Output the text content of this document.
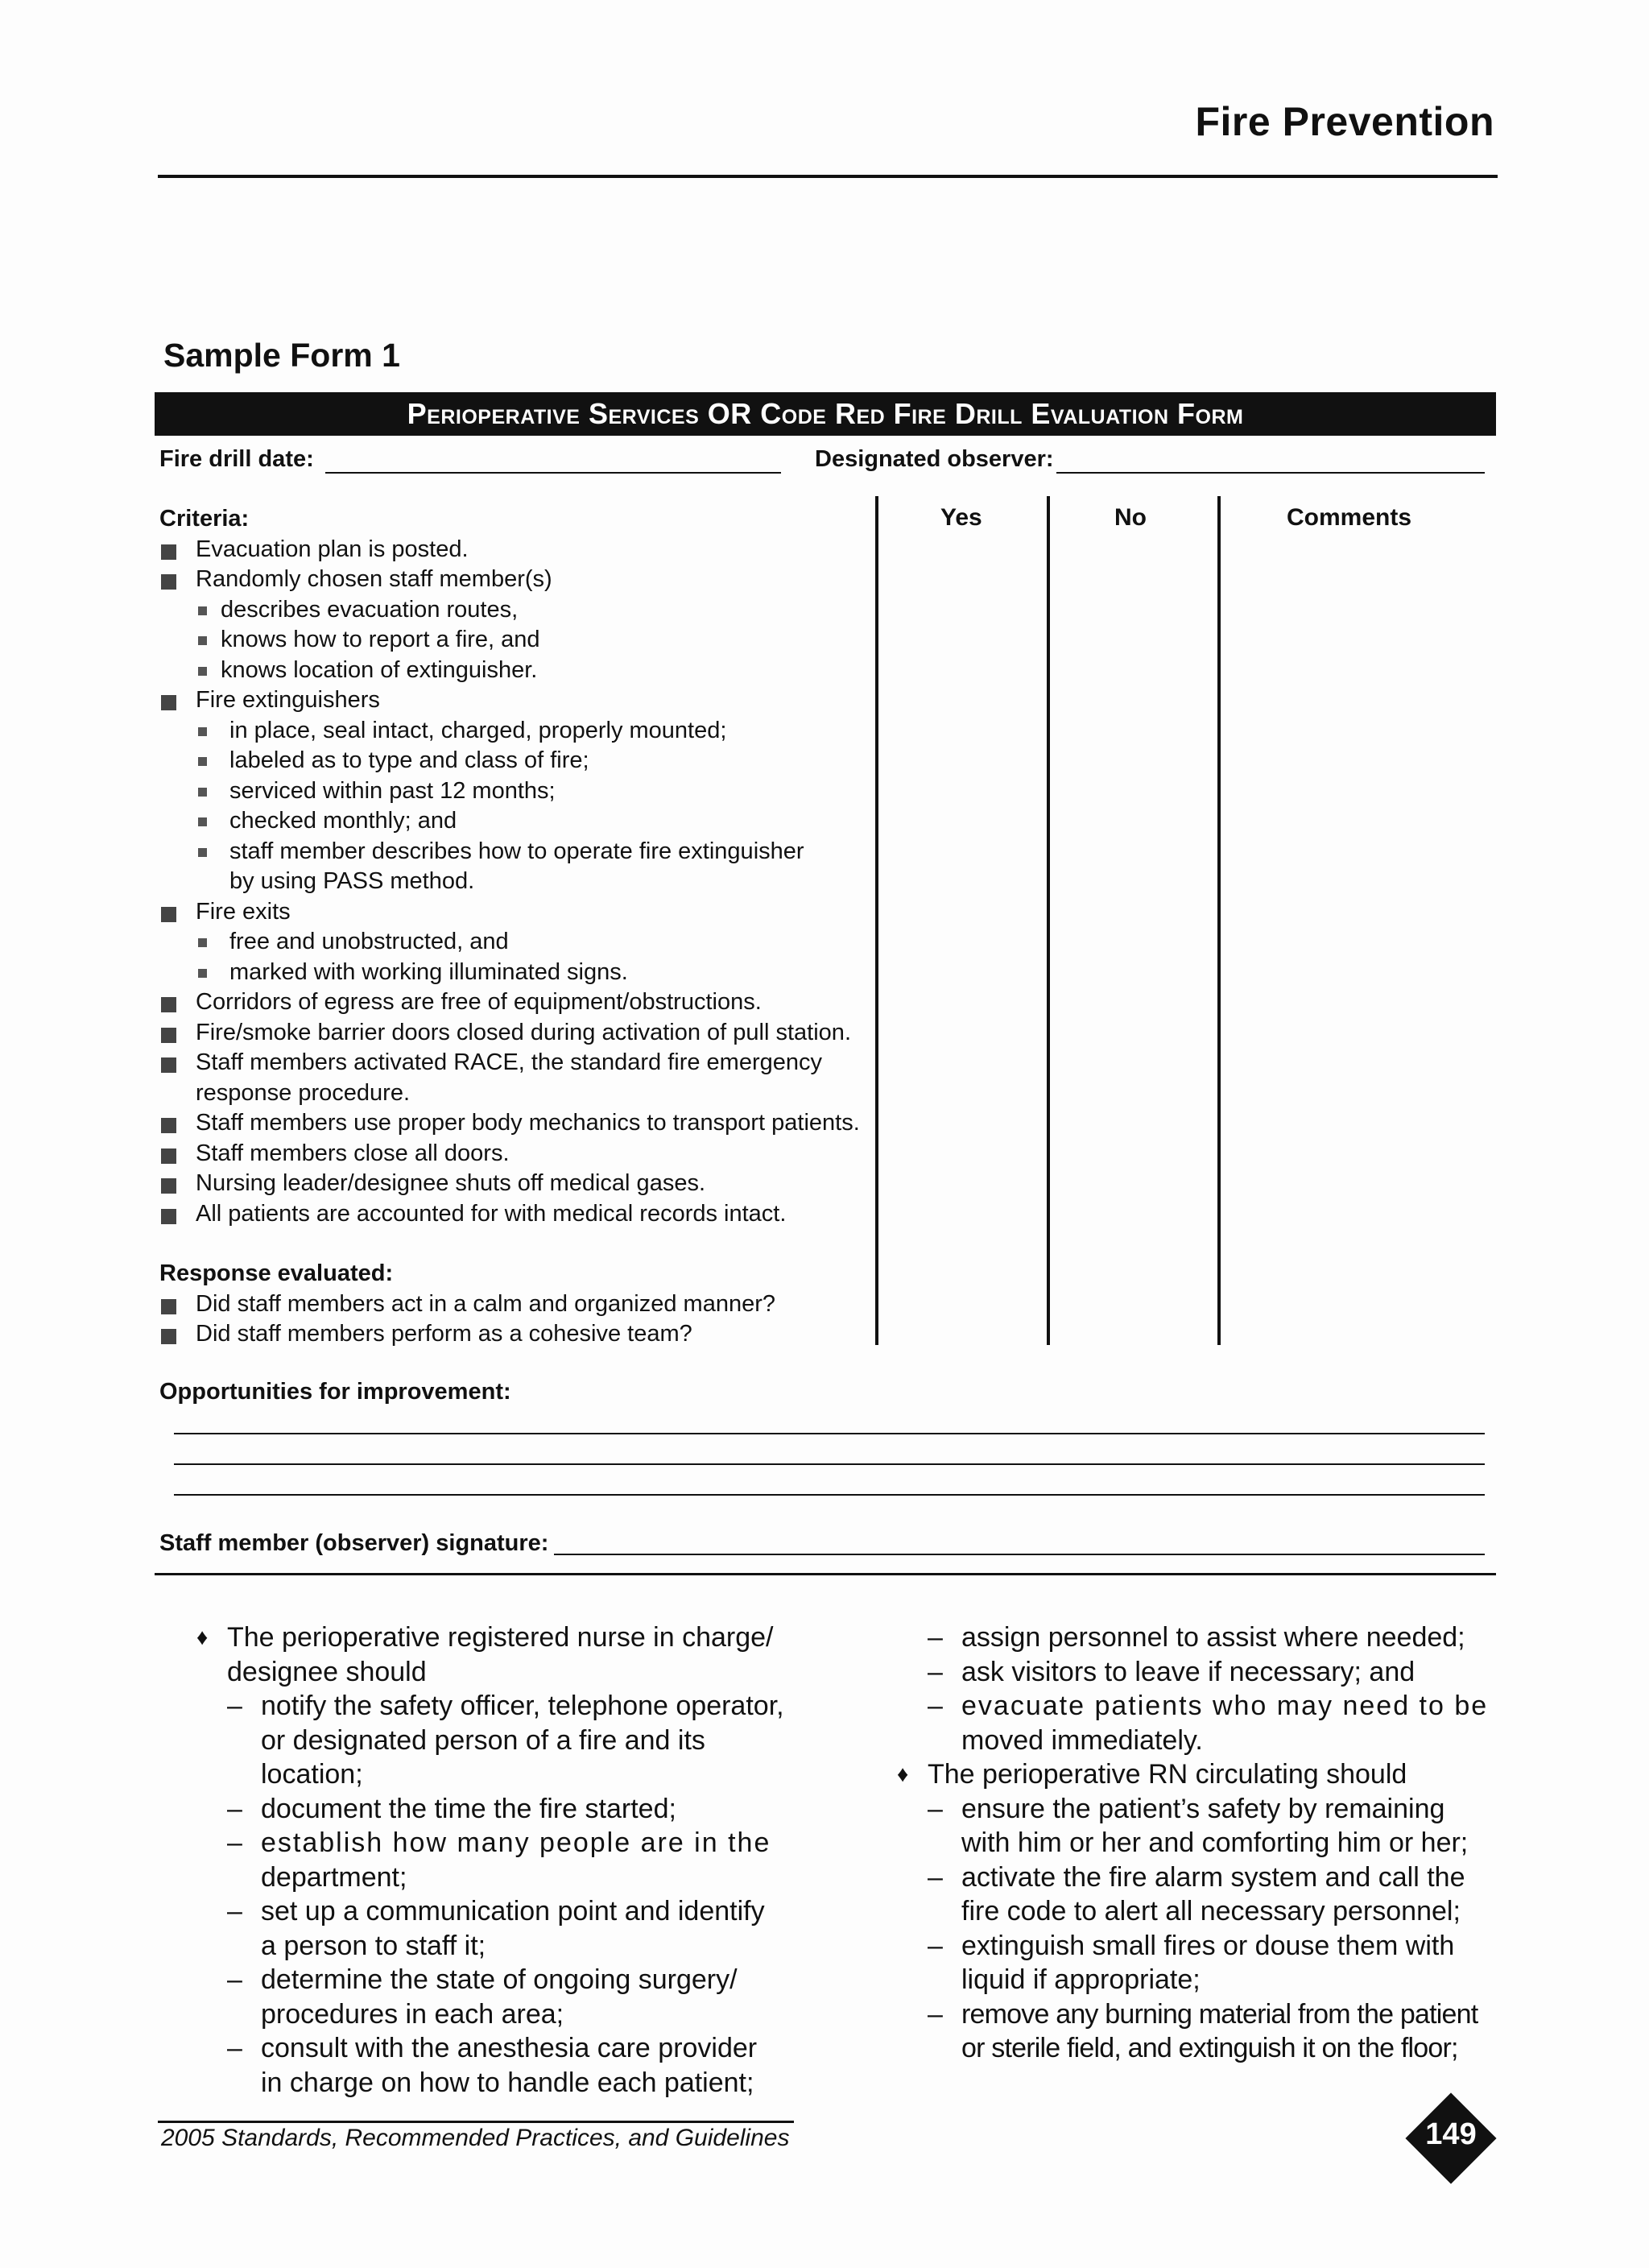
Fire Prevention
Sample Form 1
Perioperative Services OR Code Red Fire Drill Evaluation Form
Fire drill date:	Designated observer:
Yes	No	Comments
Criteria:
Evacuation plan is posted.
Randomly chosen staff member(s)
describes evacuation routes,
knows how to report a fire, and
knows location of extinguisher.
Fire extinguishers
in place, seal intact, charged, properly mounted;
labeled as to type and class of fire;
serviced within past 12 months;
checked monthly; and
staff member describes how to operate fire extinguisher
by using PASS method.
Fire exits
free and unobstructed, and
marked with working illuminated signs.
Corridors of egress are free of equipment/obstructions.
Fire/smoke barrier doors closed during activation of pull station.
Staff members activated RACE, the standard fire emergency
response procedure.
Staff members use proper body mechanics to transport patients.
Staff members close all doors.
Nursing leader/designee shuts off medical gases.
All patients are accounted for with medical records intact.
Response evaluated:
Did staff members act in a calm and organized manner?
Did staff members perform as a cohesive team?
Opportunities for improvement:
Staff member (observer) signature:
♦ The perioperative registered nurse in charge/
designee should
– notify the safety officer, telephone operator,
or designated person of a fire and its location;
– document the time the fire started;
– establish how many people are in the
department;
– set up a communication point and identify
a person to staff it;
– determine the state of ongoing surgery/
procedures in each area;
– consult with the anesthesia care provider
in charge on how to handle each patient;
– assign personnel to assist where needed;
– ask visitors to leave if necessary; and
– evacuate patients who may need to be
moved immediately.
♦ The perioperative RN circulating should
– ensure the patient’s safety by remaining
with him or her and comforting him or her;
– activate the fire alarm system and call the
fire code to alert all necessary personnel;
– extinguish small fires or douse them with
liquid if appropriate;
– remove any burning material from the patient
or sterile field, and extinguish it on the floor;
2005 Standards, Recommended Practices, and Guidelines	149
